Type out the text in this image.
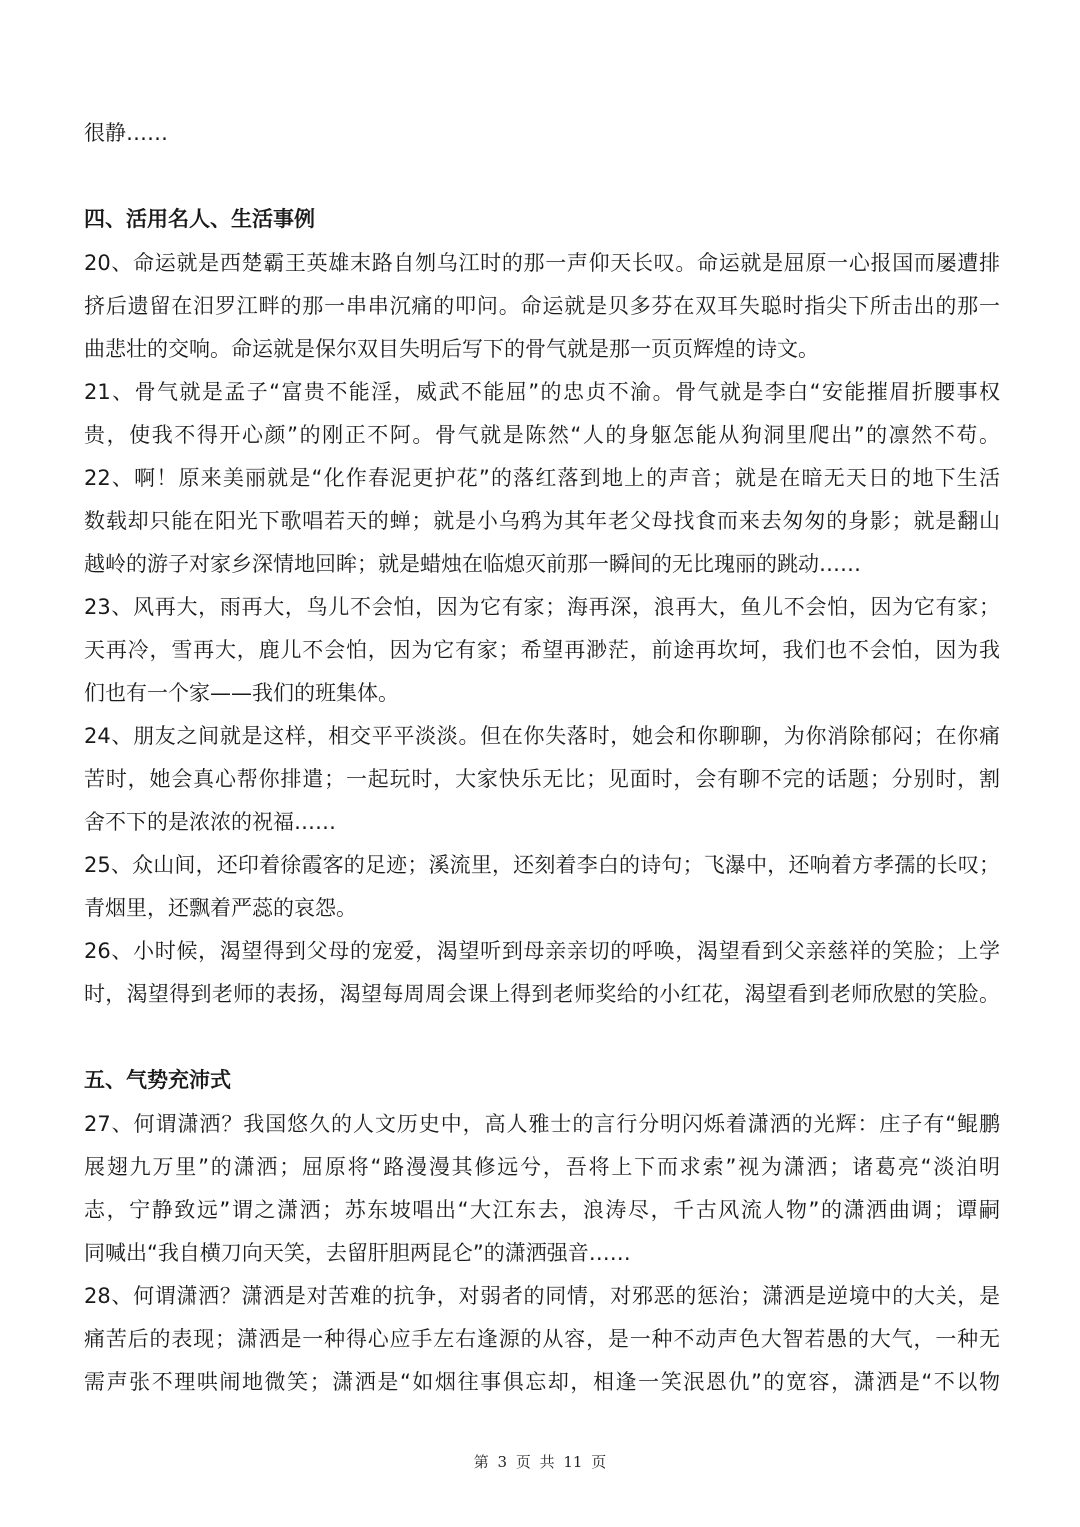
很静……
四、活用名人、生活事例
20、命运就是西楚霸王英雄末路自刎乌江时的那一声仰天长叹。命运就是屈原一心报国而屡遭排
挤后遗留在汨罗江畔的那一串串沉痛的叩问。命运就是贝多芬在双耳失聪时指尖下所击出的那一
曲悲壮的交响。命运就是保尔双目失明后写下的骨气就是那一页页辉煌的诗文。
21、骨气就是孟子“富贵不能淫，威武不能屈”的忠贞不渝。骨气就是李白“安能摧眉折腰事权
贵，使我不得开心颜”的刚正不阿。骨气就是陈然“人的身躯怎能从狗洞里爬出”的凛然不苟。
22、啊！原来美丽就是“化作春泥更护花”的落红落到地上的声音；就是在暗无天日的地下生活
数载却只能在阳光下歌唱若天的蝉；就是小乌鸦为其年老父母找食而来去匆匆的身影；就是翻山
越岭的游子对家乡深情地回眸；就是蜡烛在临熄灭前那一瞬间的无比瑰丽的跳动……
23、风再大，雨再大，鸟儿不会怕，因为它有家；海再深，浪再大，鱼儿不会怕，因为它有家；
天再冷，雪再大，鹿儿不会怕，因为它有家；希望再渺茫，前途再坎坷，我们也不会怕，因为我
们也有一个家——我们的班集体。
24、朋友之间就是这样，相交平平淡淡。但在你失落时，她会和你聊聊，为你消除郁闷；在你痛
苦时，她会真心帮你排遣；一起玩时，大家快乐无比；见面时，会有聊不完的话题；分别时，割
舍不下的是浓浓的祝福……
25、众山间，还印着徐霞客的足迹；溪流里，还刻着李白的诗句；飞瀑中，还响着方孝孺的长叹；
青烟里，还飘着严蕊的哀怨。
26、小时候，渴望得到父母的宠爱，渴望听到母亲亲切的呼唤，渴望看到父亲慈祥的笑脸；上学
时，渴望得到老师的表扬，渴望每周周会课上得到老师奖给的小红花，渴望看到老师欣慰的笑脸。
五、气势充沛式
27、何谓潇洒？我国悠久的人文历史中，高人雅士的言行分明闪烁着潇洒的光辉：庄子有“鲲鹏
展翅九万里”的潇洒；屈原将“路漫漫其修远兮，吾将上下而求索”视为潇洒；诸葛亮“淡泊明
志，宁静致远”谓之潇洒；苏东坡唱出“大江东去，浪涛尽，千古风流人物”的潇洒曲调；谭嗣
同喊出“我自横刀向天笑，去留肝胆两昆仑”的潇洒强音……
28、何谓潇洒？潇洒是对苦难的抗争，对弱者的同情，对邪恶的惩治；潇洒是逆境中的大关，是
痛苦后的表现；潇洒是一种得心应手左右逢源的从容，是一种不动声色大智若愚的大气，一种无
需声张不理哄闹地微笑；潇洒是“如烟往事俱忘却，相逢一笑泯恩仇”的宽容，潇洒是“不以物
第 3 页 共 11 页
